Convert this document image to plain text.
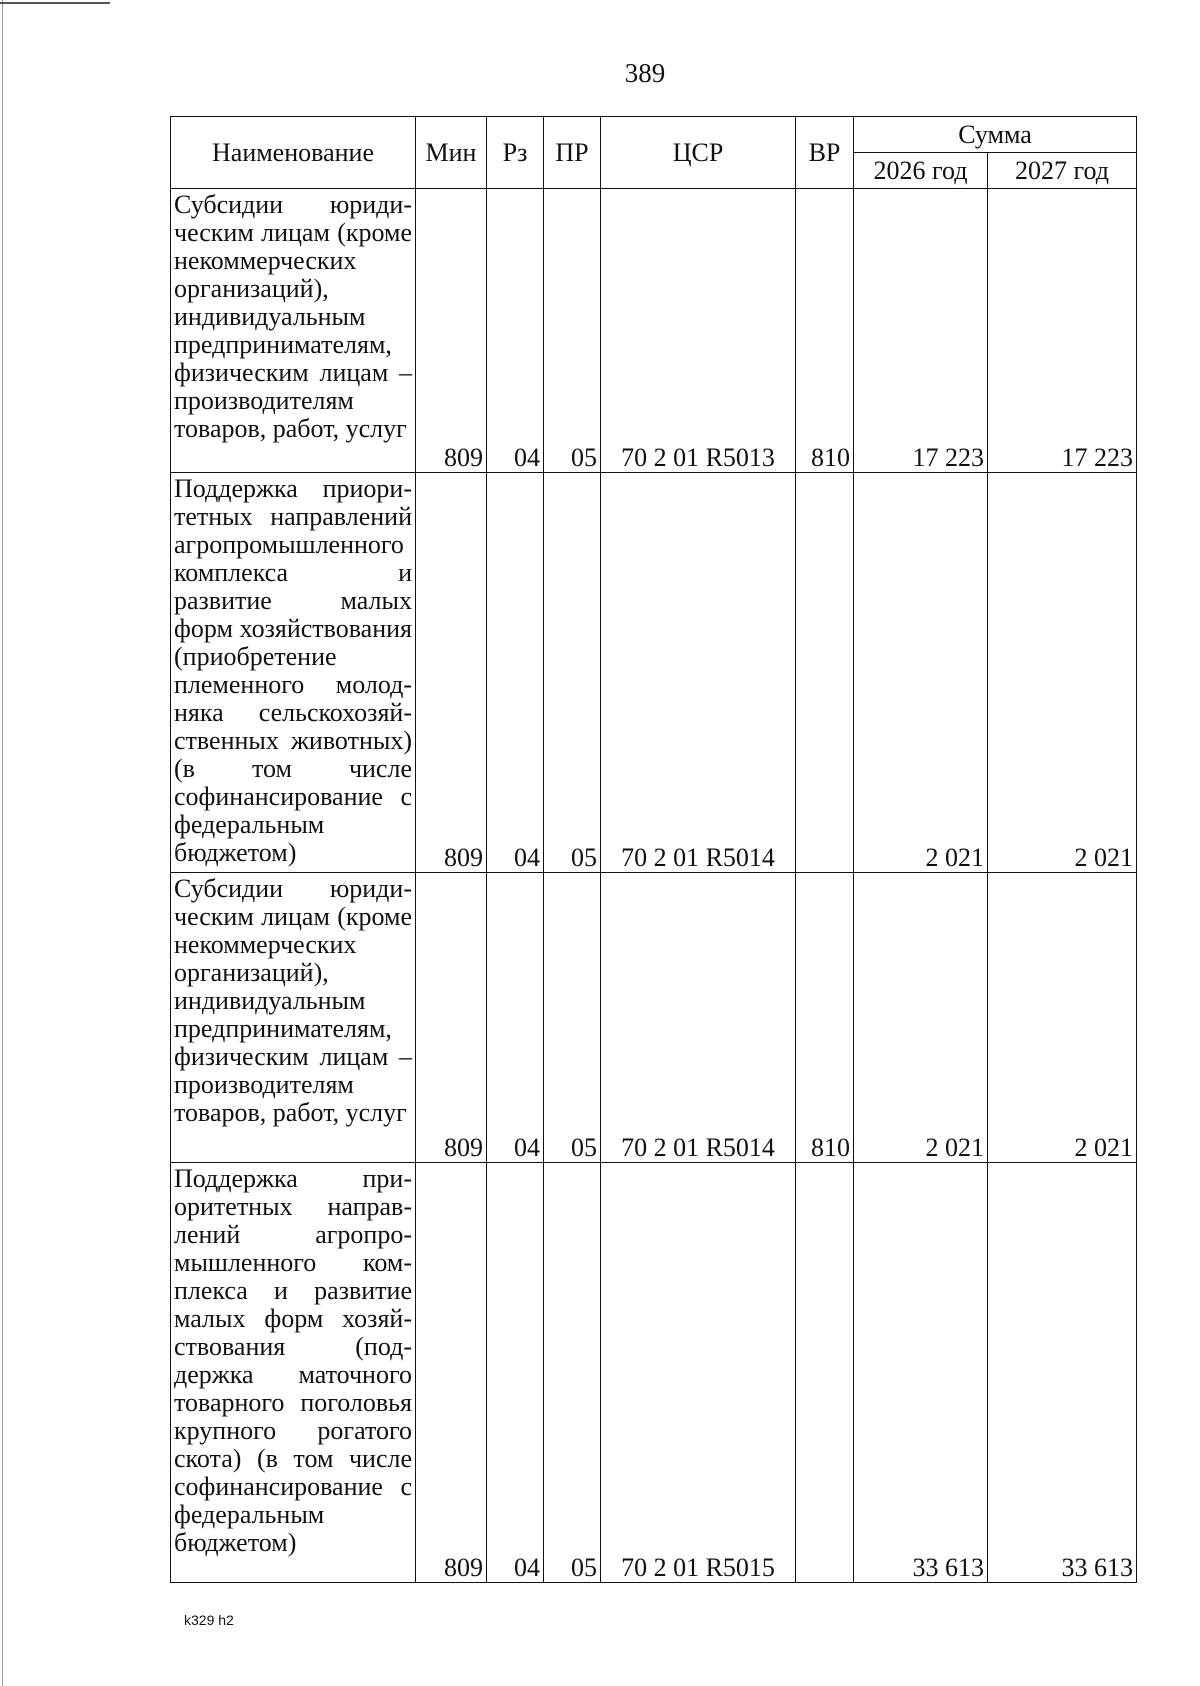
389
Наименование	Мин	Рз	ПР	ЦСР	ВР	Сумма	
						2026 год	2027 год
Субсидии юридическим лицам (кроме некоммерческих организаций), индивидуальным предпринимателям, физическим лицам – производителям товаров, работ, услуг	809	04	05	70 2 01 R5013	810	17 223	17 223
Поддержка приоритетных направлений агропромышленного комплекса и развитие малых форм хозяйствования (приобретение племенного молодняка сельскохозяйственных животных) (в том числе софинансирование с федеральным бюджетом)	809	04	05	70 2 01 R5014		2 021	2 021
Субсидии юридическим лицам (кроме некоммерческих организаций), индивидуальным предпринимателям, физическим лицам – производителям товаров, работ, услуг	809	04	05	70 2 01 R5014	810	2 021	2 021
Поддержка приоритетных направлений агропромышленного комплекса и развитие малых форм хозяйствования (поддержка маточного товарного поголовья крупного рогатого скота) (в том числе софинансирование с федеральным бюджетом)	809	04	05	70 2 01 R5015		33 613	33 613
k329 h2
